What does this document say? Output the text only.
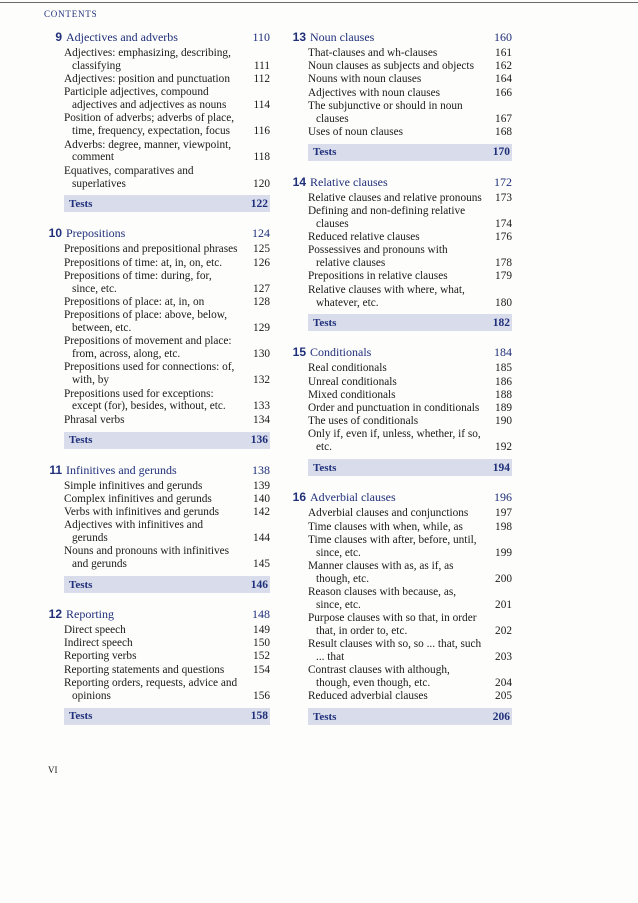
CONTENTS
9 Adjectives and adverbs	110
Adjectives: emphasizing, describing, classifying	111
Adjectives: position and punctuation	112
Participle adjectives, compound adjectives and adjectives as nouns	114
Position of adverbs; adverbs of place, time, frequency, expectation, focus	116
Adverbs: degree, manner, viewpoint, comment	118
Equatives, comparatives and superlatives	120
Tests	122
10 Prepositions	124
Prepositions and prepositional phrases	125
Prepositions of time: at, in, on, etc.	126
Prepositions of time: during, for, since, etc.	127
Prepositions of place: at, in, on	128
Prepositions of place: above, below, between, etc.	129
Prepositions of movement and place: from, across, along, etc.	130
Prepositions used for connections: of, with, by	132
Prepositions used for exceptions: except (for), besides, without, etc.	133
Phrasal verbs	134
Tests	136
11 Infinitives and gerunds	138
Simple infinitives and gerunds	139
Complex infinitives and gerunds	140
Verbs with infinitives and gerunds	142
Adjectives with infinitives and gerunds	144
Nouns and pronouns with infinitives and gerunds	145
Tests	146
12 Reporting	148
Direct speech	149
Indirect speech	150
Reporting verbs	152
Reporting statements and questions	154
Reporting orders, requests, advice and opinions	156
Tests	158
13 Noun clauses	160
That-clauses and wh-clauses	161
Noun clauses as subjects and objects	162
Nouns with noun clauses	164
Adjectives with noun clauses	166
The subjunctive or should in noun clauses	167
Uses of noun clauses	168
Tests	170
14 Relative clauses	172
Relative clauses and relative pronouns	173
Defining and non-defining relative clauses	174
Reduced relative clauses	176
Possessives and pronouns with relative clauses	178
Prepositions in relative clauses	179
Relative clauses with where, what, whatever, etc.	180
Tests	182
15 Conditionals	184
Real conditionals	185
Unreal conditionals	186
Mixed conditionals	188
Order and punctuation in conditionals	189
The uses of conditionals	190
Only if, even if, unless, whether, if so, etc.	192
Tests	194
16 Adverbial clauses	196
Adverbial clauses and conjunctions	197
Time clauses with when, while, as	198
Time clauses with after, before, until, since, etc.	199
Manner clauses with as, as if, as though, etc.	200
Reason clauses with because, as, since, etc.	201
Purpose clauses with so that, in order that, in order to, etc.	202
Result clauses with so, so ... that, such ... that	203
Contrast clauses with although, though, even though, etc.	204
Reduced adverbial clauses	205
Tests	206
VI
